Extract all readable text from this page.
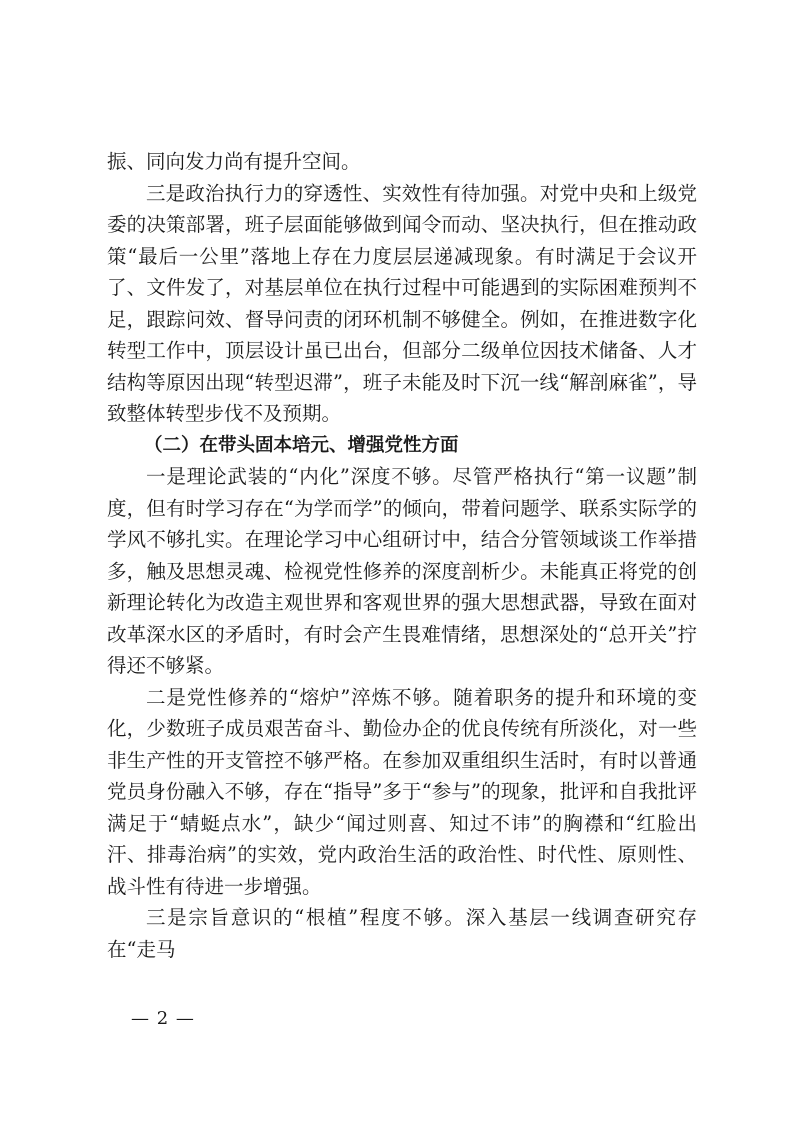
振、同向发力尚有提升空间。

三是政治执行力的穿透性、实效性有待加强。对党中央和上级党委的决策部署，班子层面能够做到闻令而动、坚决执行，但在推动政策“最后一公里”落地上存在力度层层递减现象。有时满足于会议开了、文件发了，对基层单位在执行过程中可能遇到的实际困难预判不足，跟踪问效、督导问责的闭环机制不够健全。例如，在推进数字化转型工作中，顶层设计虽已出台，但部分二级单位因技术储备、人才结构等原因出现“转型迟滞”，班子未能及时下沉一线“解剖麻雀”，导致整体转型步伐不及预期。

（二）在带头固本培元、增强党性方面

一是理论武装的“内化”深度不够。尽管严格执行“第一议题”制度，但有时学习存在“为学而学”的倾向，带着问题学、联系实际学的学风不够扎实。在理论学习中心组研讨中，结合分管领域谈工作举措多，触及思想灵魂、检视党性修养的深度剖析少。未能真正将党的创新理论转化为改造主观世界和客观世界的强大思想武器，导致在面对改革深水区的矛盾时，有时会产生畏难情绪，思想深处的“总开关”拧得还不够紧。

二是党性修养的“熔炉”淬炼不够。随着职务的提升和环境的变化，少数班子成员艰苦奋斗、勤俭办企的优良传统有所淡化，对一些非生产性的开支管控不够严格。在参加双重组织生活时，有时以普通党员身份融入不够，存在“指导”多于“参与”的现象，批评和自我批评满足于“蜻蜓点水”，缺少“闻过则喜、知过不讳”的胸襟和“红脸出汗、排毒治病”的实效，党内政治生活的政治性、时代性、原则性、战斗性有待进一步增强。

三是宗旨意识的“根植”程度不够。深入基层一线调查研究存在“走马

— 2 —
